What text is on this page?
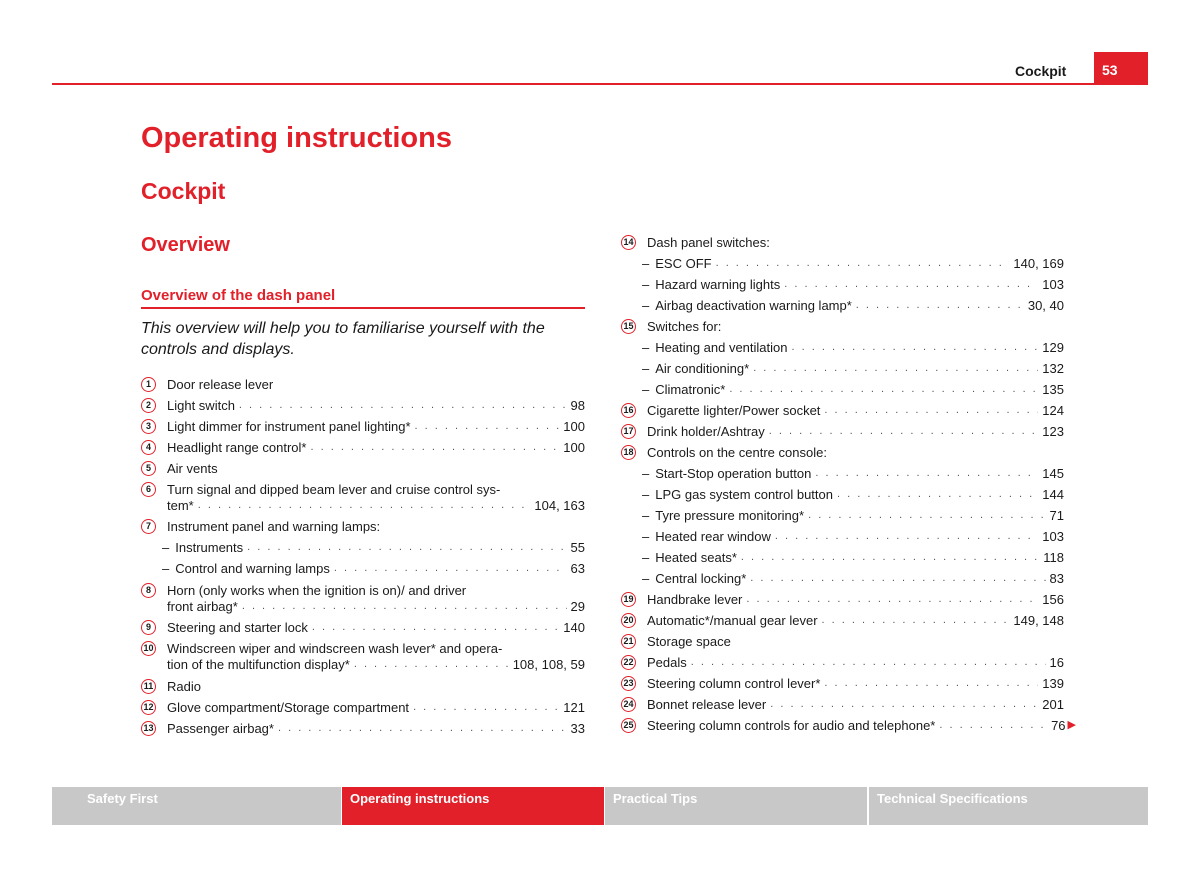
Cockpit	53
Operating instructions
Cockpit
Overview
Overview of the dash panel
This overview will help you to familiarise yourself with the
controls and displays.
1	Door release lever
2	Light switch . . .	98
3	Light dimmer for instrument panel lighting* . . .	100
4	Headlight range control* . . .	100
5	Air vents
6	Turn signal and dipped beam lever and cruise control sys-
tem* . . .	104, 163
7	Instrument panel and warning lamps:
– Instruments . . .	55
– Control and warning lamps . . .	63
8	Horn (only works when the ignition is on)/ and driver
front airbag* . . .	29
9	Steering and starter lock . . .	140
10 Windscreen wiper and windscreen wash lever* and opera-
tion of the multifunction display* . . .	108, 108, 59
11 Radio
12 Glove compartment/Storage compartment . . .	121
13 Passenger airbag* . . .	33
14 Dash panel switches:
– ESC OFF . . .	140, 169
– Hazard warning lights . . .	103
– Airbag deactivation warning lamp* . . .	30, 40
15 Switches for:
– Heating and ventilation . . .	129
– Air conditioning* . . .	132
– Climatronic* . . .	135
16 Cigarette lighter/Power socket . . .	124
17 Drink holder/Ashtray . . .	123
18 Controls on the centre console:
– Start-Stop operation button . . .	145
– LPG gas system control button . . .	144
– Tyre pressure monitoring* . . .	71
– Heated rear window . . .	103
– Heated seats* . . .	118
– Central locking* . . .	83
19 Handbrake lever . . .	156
20 Automatic*/manual gear lever . . .	149, 148
21 Storage space
22 Pedals . . .	16
23 Steering column control lever* . . .	139
24 Bonnet release lever . . .	201
25 Steering column controls for audio and telephone* . . .	76 ▶
Safety First	Operating instructions	Practical Tips	Technical Specifications
